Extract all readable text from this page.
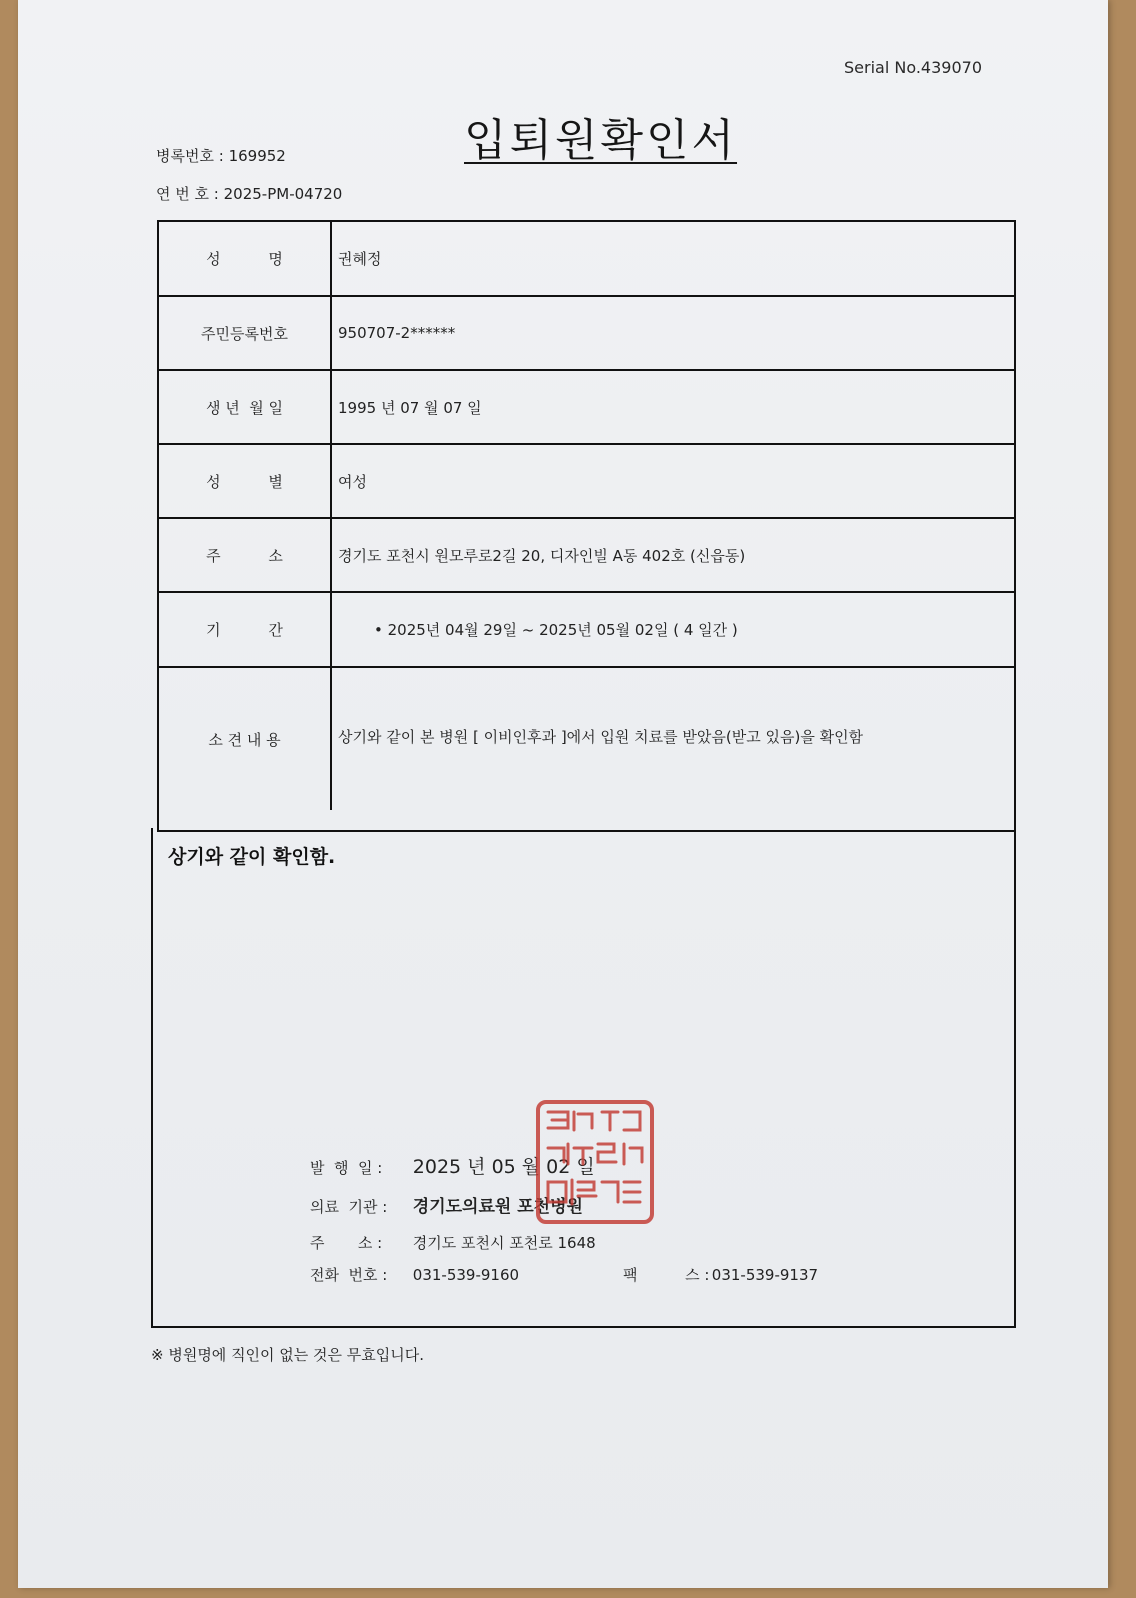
Serial No.439070
입퇴원확인서
병록번호 : 169952
연 번 호 : 2025-PM-04720
성          명	권혜정
주민등록번호	950707-2******
생 년  월 일	1995 년 07 월 07 일
성          별	여성
주          소	경기도 포천시 원모루로2길 20, 디자인빌 A동 402호 (신읍동)
기          간	• 2025년 04월 29일 ~ 2025년 05월 02일 ( 4 일간 )
소 견 내 용	상기와 같이 본 병원 [ 이비인후과 ]에서 입원 치료를 받았음(받고 있음)을 확인함
상기와 같이 확인함.
발  행  일 : 2025 년 05 월 02 일
의료  기관 : 경기도의료원 포천병원
주       소 : 경기도 포천시 포천로 1648
전화  번호 : 031-539-9160	팩          스 : 031-539-9137
※ 병원명에 직인이 없는 것은 무효입니다.
